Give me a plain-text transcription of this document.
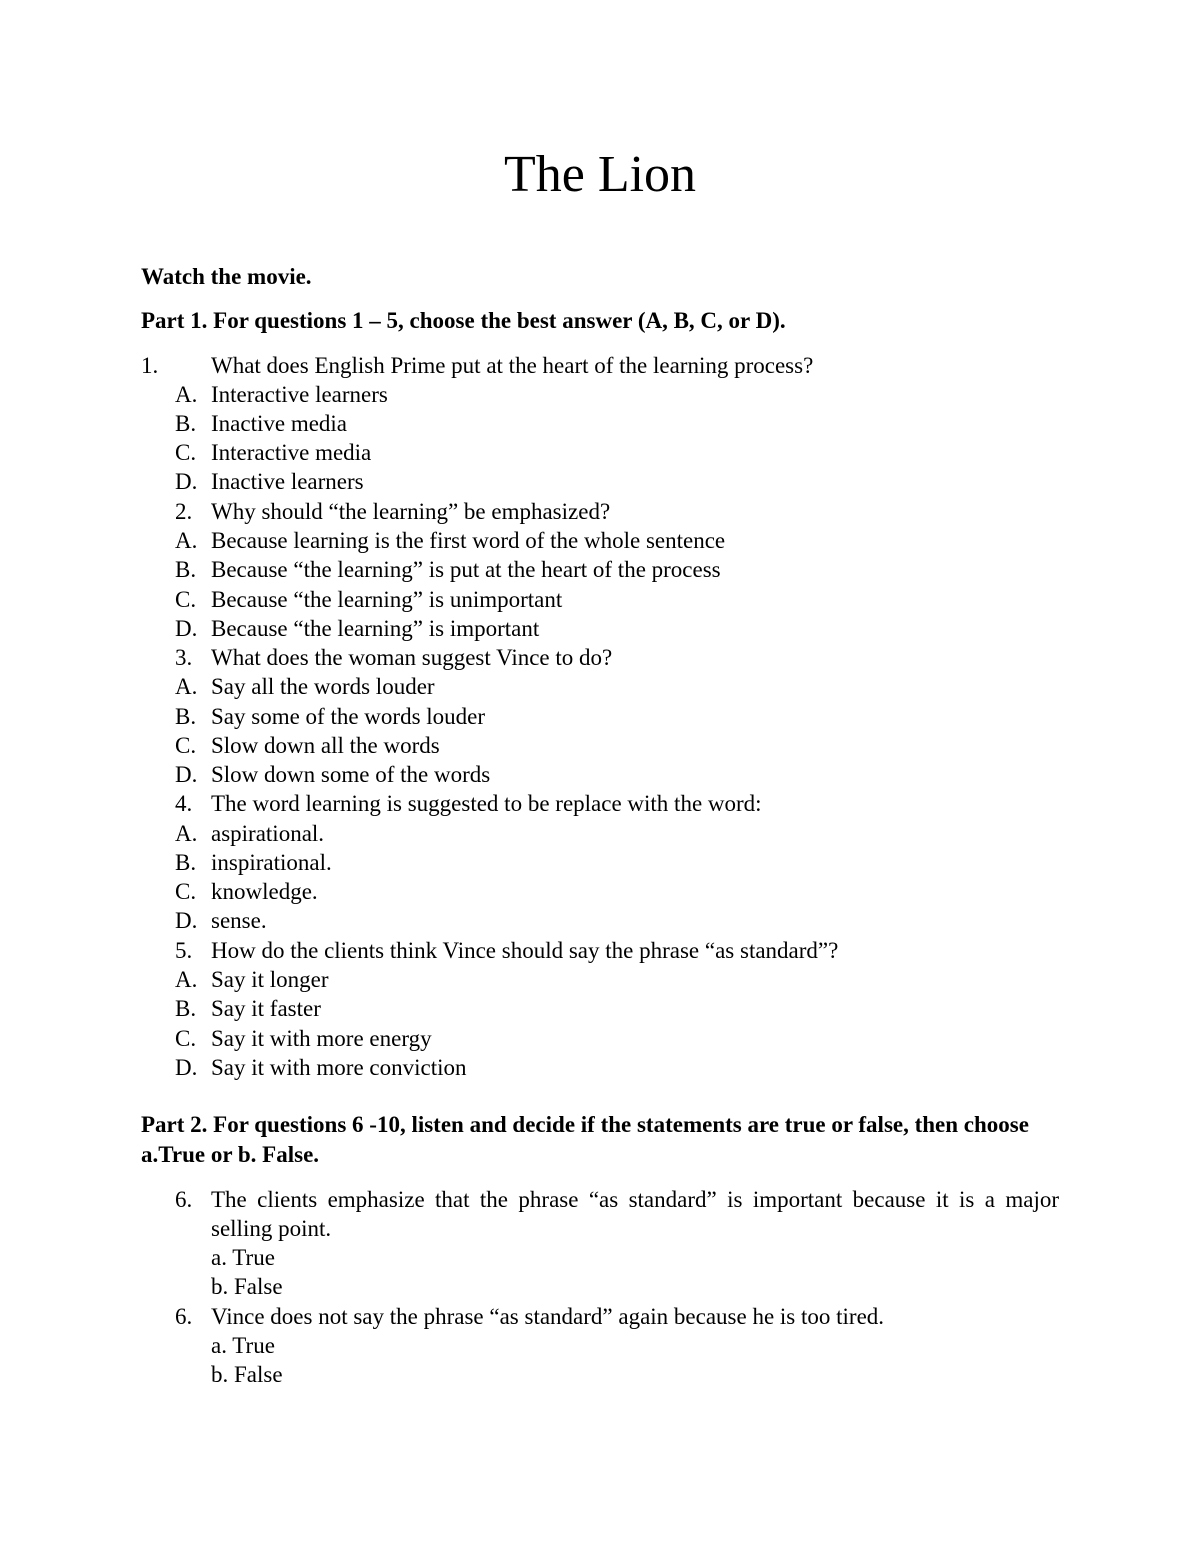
The Lion
Watch the movie.
Part 1. For questions 1 – 5, choose the best answer (A, B, C, or D).
1. What does English Prime put at the heart of the learning process?
A. Interactive learners
B. Inactive media
C. Interactive media
D. Inactive learners
2. Why should “the learning” be emphasized?
A. Because learning is the first word of the whole sentence
B. Because “the learning” is put at the heart of the process
C. Because “the learning” is unimportant
D. Because “the learning” is important
3. What does the woman suggest Vince to do?
A. Say all the words louder
B. Say some of the words louder
C. Slow down all the words
D. Slow down some of the words
4. The word learning is suggested to be replace with the word:
A. aspirational.
B. inspirational.
C. knowledge.
D. sense.
5. How do the clients think Vince should say the phrase “as standard”?
A. Say it longer
B. Say it faster
C. Say it with more energy
D. Say it with more conviction
Part 2. For questions 6 -10, listen and decide if the statements are true or false, then choose a.True or b. False.
6. The clients emphasize that the phrase “as standard” is important because it is a major selling point.
a. True
b. False
6. Vince does not say the phrase “as standard” again because he is too tired.
a. True
b. False
